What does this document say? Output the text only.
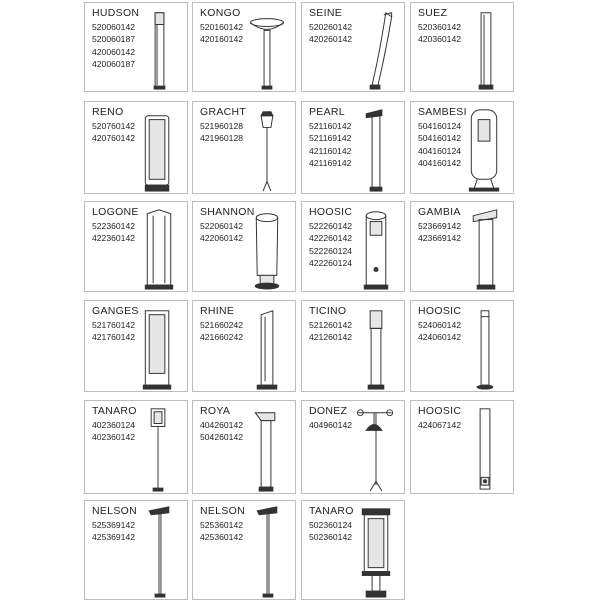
HUDSON
520060142
520060187
420060142
420060187
KONGO
520160142
420160142
SEINE
520260142
420260142
SUEZ
520360142
420360142
RENO
520760142
420760142
GRACHT
521960128
421960128
PEARL
521160142
521169142
421160142
421169142
SAMBESI
504160124
504160142
404160124
404160142
LOGONE
522360142
422360142
SHANNON
522060142
422060142
HOOSIC
522260142
422260142
522260124
422260124
GAMBIA
523669142
423669142
GANGES
521760142
421760142
RHINE
521660242
421660242
TICINO
521260142
421260142
HOOSIC
524060142
424060142
TANARO
402360124
402360142
ROYA
404260142
504260142
DONEZ
404960142
HOOSIC
424067142
NELSON
525369142
425369142
NELSON
525360142
425360142
TANARO
502360124
502360142
